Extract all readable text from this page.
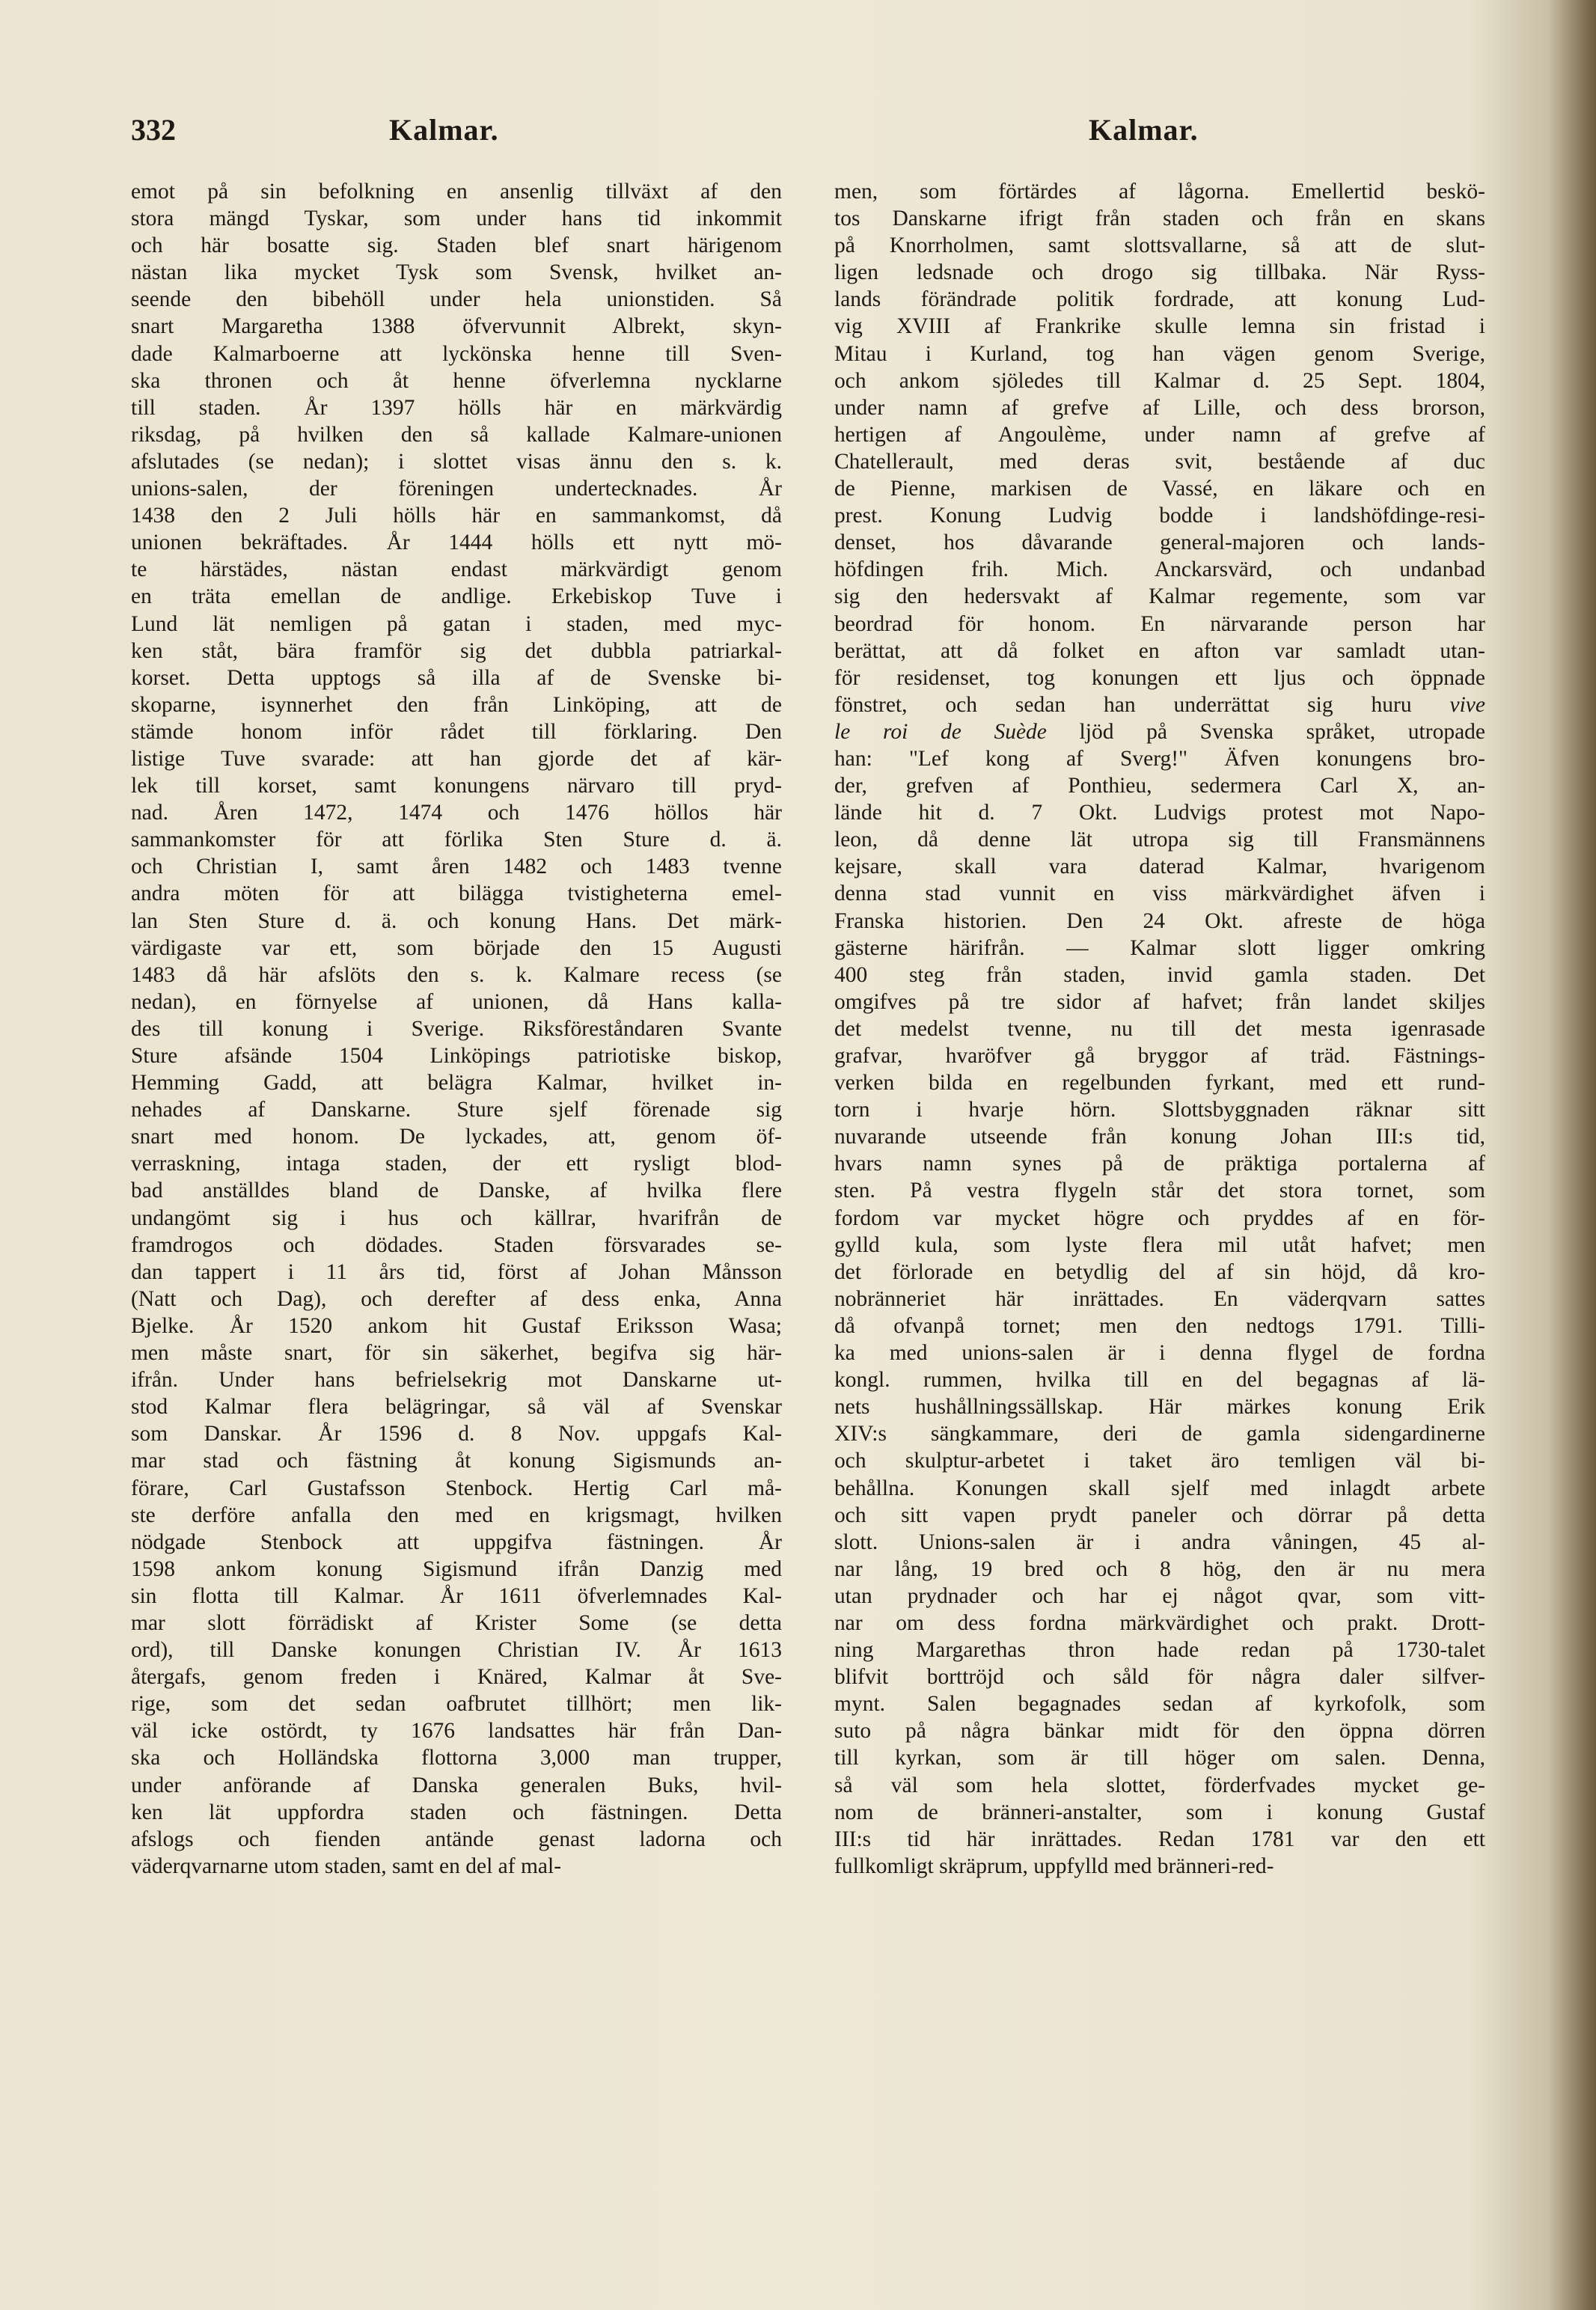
332	Kalmar.	Kalmar.
emot på sin befolkning en ansenlig tillväxt af den
stora mängd Tyskar, som under hans tid inkommit
och här bosatte sig. Staden blef snart härigenom
nästan lika mycket Tysk som Svensk, hvilket an-
seende den bibehöll under hela unionstiden. Så
snart Margaretha 1388 öfvervunnit Albrekt, skyn-
dade Kalmarboerne att lyckönska henne till Sven-
ska thronen och åt henne öfverlemna nycklarne
till staden. År 1397 hölls här en märkvärdig
riksdag, på hvilken den så kallade Kalmare-unionen
afslutades (se nedan); i slottet visas ännu den s. k.
unions-salen, der föreningen undertecknades. År
1438 den 2 Juli hölls här en sammankomst, då
unionen bekräftades. År 1444 hölls ett nytt mö-
te härstädes, nästan endast märkvärdigt genom
en träta emellan de andlige. Erkebiskop Tuve i
Lund lät nemligen på gatan i staden, med myc-
ken ståt, bära framför sig det dubbla patriarkal-
korset. Detta upptogs så illa af de Svenske bi-
skoparne, isynnerhet den från Linköping, att de
stämde honom inför rådet till förklaring. Den
listige Tuve svarade: att han gjorde det af kär-
lek till korset, samt konungens närvaro till pryd-
nad. Åren 1472, 1474 och 1476 höllos här
sammankomster för att förlika Sten Sture d. ä.
och Christian I, samt åren 1482 och 1483 tvenne
andra möten för att bilägga tvistigheterna emel-
lan Sten Sture d. ä. och konung Hans. Det märk-
värdigaste var ett, som började den 15 Augusti
1483 då här afslöts den s. k. Kalmare recess (se
nedan), en förnyelse af unionen, då Hans kalla-
des till konung i Sverige. Riksföreståndaren Svante
Sture afsände 1504 Linköpings patriotiske biskop,
Hemming Gadd, att belägra Kalmar, hvilket in-
nehades af Danskarne. Sture sjelf förenade sig
snart med honom. De lyckades, att, genom öf-
verraskning, intaga staden, der ett rysligt blod-
bad anställdes bland de Danske, af hvilka flere
undangömt sig i hus och källrar, hvarifrån de
framdrogos och dödades. Staden försvarades se-
dan tappert i 11 års tid, först af Johan Månsson
(Natt och Dag), och derefter af dess enka, Anna
Bjelke. År 1520 ankom hit Gustaf Eriksson Wasa;
men måste snart, för sin säkerhet, begifva sig här-
ifrån. Under hans befrielsekrig mot Danskarne ut-
stod Kalmar flera belägringar, så väl af Svenskar
som Danskar. År 1596 d. 8 Nov. uppgafs Kal-
mar stad och fästning åt konung Sigismunds an-
förare, Carl Gustafsson Stenbock. Hertig Carl må-
ste derföre anfalla den med en krigsmagt, hvilken
nödgade Stenbock att uppgifva fästningen. År
1598 ankom konung Sigismund ifrån Danzig med
sin flotta till Kalmar. År 1611 öfverlemnades Kal-
mar slott förrädiskt af Krister Some (se detta
ord), till Danske konungen Christian IV. År 1613
återgafs, genom freden i Knäred, Kalmar åt Sve-
rige, som det sedan oafbrutet tillhört; men lik-
väl icke ostördt, ty 1676 landsattes här från Dan-
ska och Holländska flottorna 3,000 man trupper,
under anförande af Danska generalen Buks, hvil-
ken lät uppfordra staden och fästningen. Detta
afslogs och fienden antände genast ladorna och
väderqvarnarne utom staden, samt en del af mal-
men, som förtärdes af lågorna. Emellertid beskö-
tos Danskarne ifrigt från staden och från en skans
på Knorrholmen, samt slottsvallarne, så att de slut-
ligen ledsnade och drogo sig tillbaka. När Ryss-
lands förändrade politik fordrade, att konung Lud-
vig XVIII af Frankrike skulle lemna sin fristad i
Mitau i Kurland, tog han vägen genom Sverige,
och ankom sjöledes till Kalmar d. 25 Sept. 1804,
under namn af grefve af Lille, och dess brorson,
hertigen af Angoulème, under namn af grefve af
Chatellerault, med deras svit, bestående af duc
de Pienne, markisen de Vassé, en läkare och en
prest. Konung Ludvig bodde i landshöfdinge-resi-
denset, hos dåvarande general-majoren och lands-
höfdingen frih. Mich. Anckarsvärd, och undanbad
sig den hedersvakt af Kalmar regemente, som var
beordrad för honom. En närvarande person har
berättat, att då folket en afton var samladt utan-
för residenset, tog konungen ett ljus och öppnade
fönstret, och sedan han underrättat sig huru vive
le roi de Suède ljöd på Svenska språket, utropade
han: "Lef kong af Sverg!" Äfven konungens bro-
der, grefven af Ponthieu, sedermera Carl X, an-
lände hit d. 7 Okt. Ludvigs protest mot Napo-
leon, då denne lät utropa sig till Fransmännens
kejsare, skall vara daterad Kalmar, hvarigenom
denna stad vunnit en viss märkvärdighet äfven i
Franska historien. Den 24 Okt. afreste de höga
gästerne härifrån. — Kalmar slott ligger omkring
400 steg från staden, invid gamla staden. Det
omgifves på tre sidor af hafvet; från landet skiljes
det medelst tvenne, nu till det mesta igenrasade
grafvar, hvaröfver gå bryggor af träd. Fästnings-
verken bilda en regelbunden fyrkant, med ett rund-
torn i hvarje hörn. Slottsbyggnaden räknar sitt
nuvarande utseende från konung Johan III:s tid,
hvars namn synes på de präktiga portalerna af
sten. På vestra flygeln står det stora tornet, som
fordom var mycket högre och pryddes af en för-
gylld kula, som lyste flera mil utåt hafvet; men
det förlorade en betydlig del af sin höjd, då kro-
nobränneriet här inrättades. En väderqvarn sattes
då ofvanpå tornet; men den nedtogs 1791. Tilli-
ka med unions-salen är i denna flygel de fordna
kongl. rummen, hvilka till en del begagnas af lä-
nets hushållningssällskap. Här märkes konung Erik
XIV:s sängkammare, deri de gamla sidengardinerne
och skulptur-arbetet i taket äro temligen väl bi-
behållna. Konungen skall sjelf med inlagdt arbete
och sitt vapen prydt paneler och dörrar på detta
slott. Unions-salen är i andra våningen, 45 al-
nar lång, 19 bred och 8 hög, den är nu mera
utan prydnader och har ej något qvar, som vitt-
nar om dess fordna märkvärdighet och prakt. Drott-
ning Margarethas thron hade redan på 1730-talet
blifvit borttröjd och såld för några daler silfver-
mynt. Salen begagnades sedan af kyrkofolk, som
suto på några bänkar midt för den öppna dörren
till kyrkan, som är till höger om salen. Denna,
så väl som hela slottet, förderfvades mycket ge-
nom de bränneri-anstalter, som i konung Gustaf
III:s tid här inrättades. Redan 1781 var den ett
fullkomligt skräprum, uppfylld med bränneri-red-
